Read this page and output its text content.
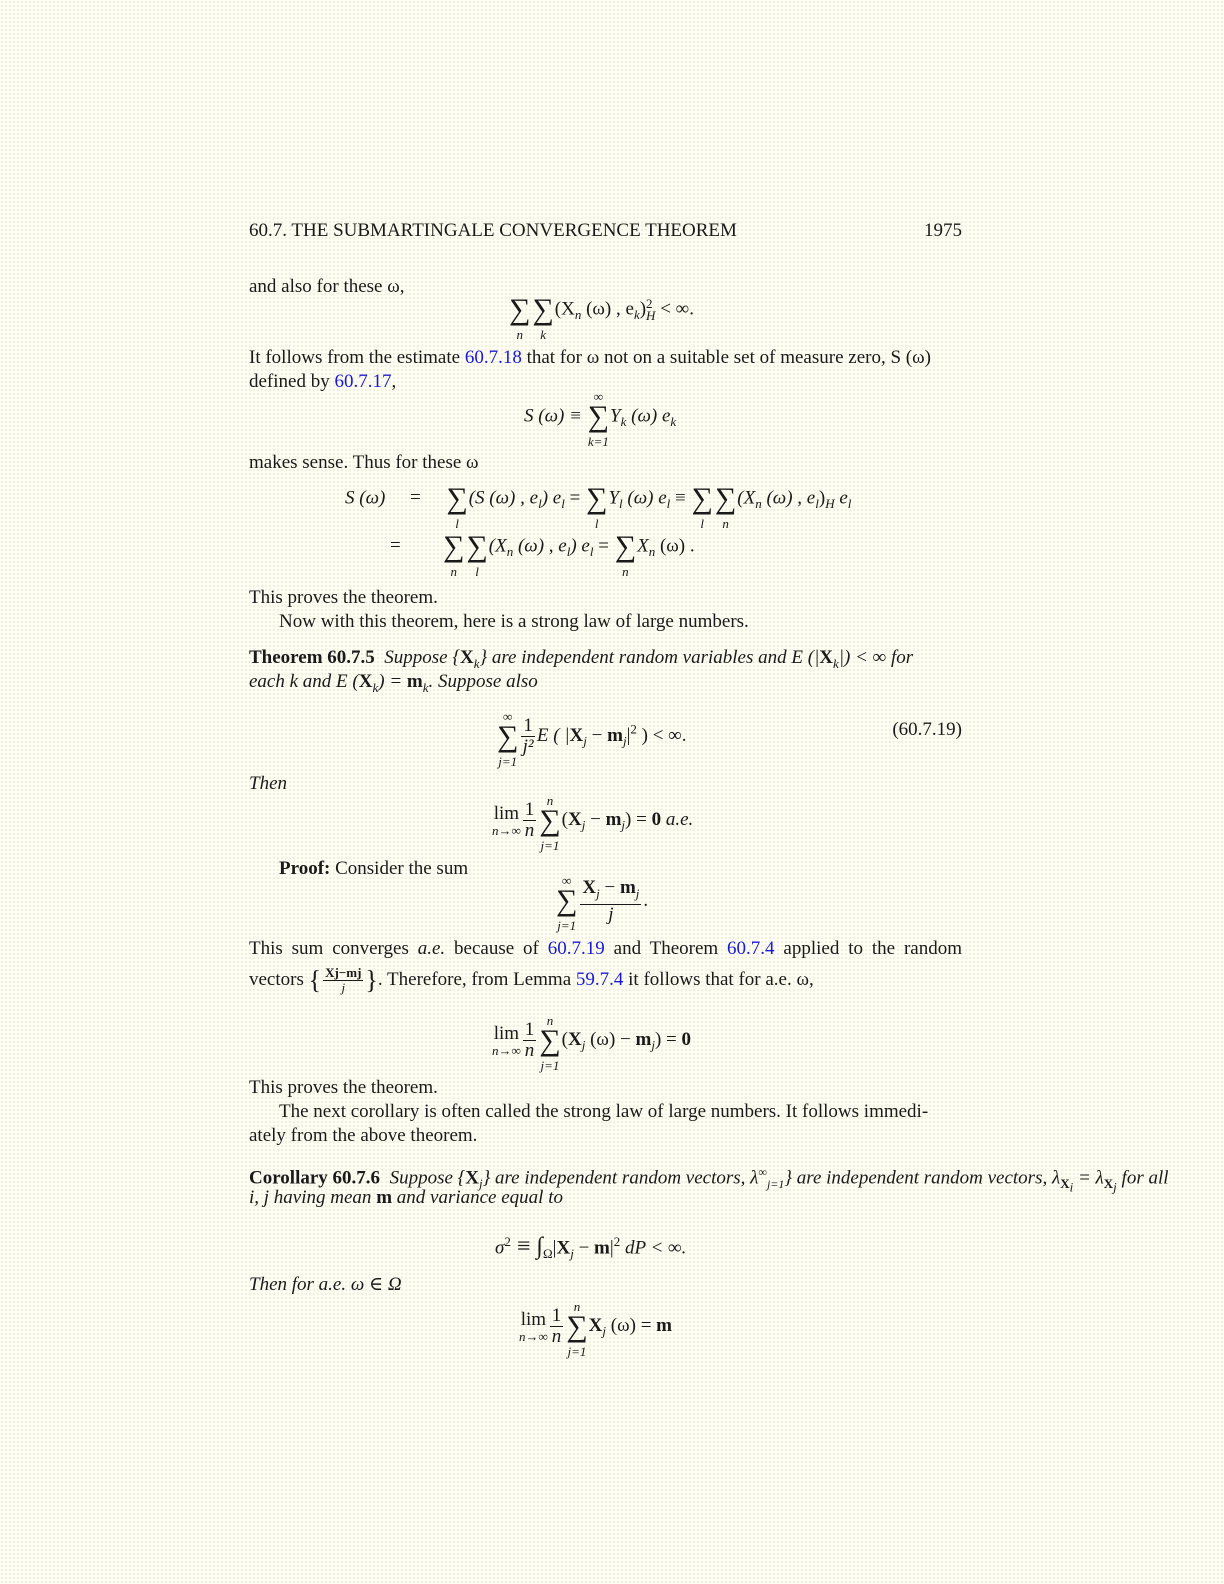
60.7. THE SUBMARTINGALE CONVERGENCE THEOREM	1975
and also for these ω,
∑
n
∑
k
($X_n$ (ω) , $e_k$) 2
H < ∞.
It follows from the estimate 60.7.18 that for ω not on a suitable set of measure zero, S (ω)
defined by 60.7.17,
S (ω) ≡
∞
∑
k=1
$Y_k$ (ω) $e_k$
makes sense. Thus for these ω
S (ω) = ∑
l
(S (ω) , $e_l$) $e_l$ = ∑
l
$Y_l$ (ω) $e_l$ ≡ ∑
l
∑
n
($X_n$ (ω) , $e_l)_H$ $e_l$
= ∑
n
∑
l
($X_n$ (ω) , $e_l$) $e_l$ = ∑
n
$X_n$ (ω) .
This proves the theorem.
Now with this theorem, here is a strong law of large numbers.
Theorem 60.7.5 Suppose $\{X_k\}$ are independent random variables and E $(|X_k|)$ < ∞ for
each k and E $(X_k) = m_k$. Suppose also
∞
∑
j=1
$\frac{1}{\text{j²}}$ E ( $|X_j - m_j|^2$ ) < ∞.	(60.7.19)
Then
lim
$n\to\infty \frac{1}{n}$ n
∑
j=1
$(X_j - m_j) = 0$ a.e.
Proof: Consider the sum
∞
∑
j=1
$\frac{X_j - m_j}{j}$ .
This sum converges a.e. because of 60.7.19 and Theorem 60.7.4 applied to the random
vectors { $\frac{Xj-mj}{j}$ }. Therefore, from Lemma 59.7.4 it follows that for a.e. ω,
lim
$n\to\infty \frac{1}{n}$ n
∑
j=1
($X_j$ $(\omega) - m_j) = 0$
This proves the theorem.
The next corollary is often called the strong law of large numbers. It follows immedi-
ately from the above theorem.
Corollary 60.7.6 Suppose $\{X_j\}$ are independent random vectors, $\lambda^\infty_{j=1}$} are independent random vectors, $\lambda_{X_i} = \lambda_{X_j}$ for all
i, j having mean m and variance equal to
$\sigma^2 \equiv \int_\Omega|X_j - m|^2$ dP < ∞.
Then for a.e. ω ∈ Ω
lim
$n\to\infty \frac{1}{n}$ n
∑
j=1
$X_j$ (ω) = m
